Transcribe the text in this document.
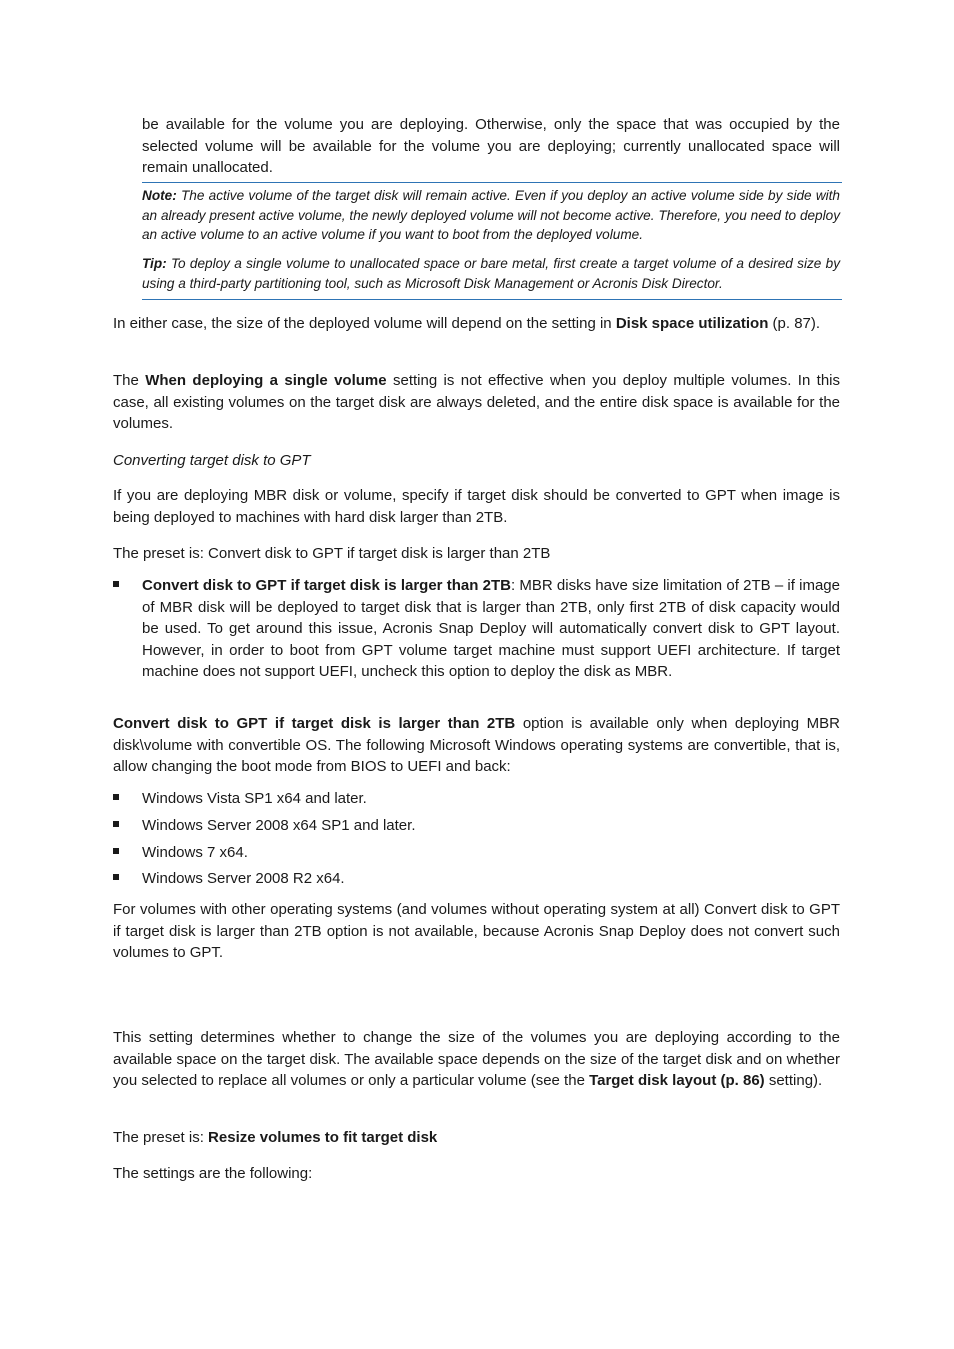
be available for the volume you are deploying. Otherwise, only the space that was occupied by the selected volume will be available for the volume you are deploying; currently unallocated space will remain unallocated.

Note: The active volume of the target disk will remain active. Even if you deploy an active volume side by side with an already present active volume, the newly deployed volume will not become active. Therefore, you need to deploy an active volume to an active volume if you want to boot from the deployed volume.

Tip: To deploy a single volume to unallocated space or bare metal, first create a target volume of a desired size by using a third-party partitioning tool, such as Microsoft Disk Management or Acronis Disk Director.

In either case, the size of the deployed volume will depend on the setting in Disk space utilization (p. 87).

The When deploying a single volume setting is not effective when you deploy multiple volumes. In this case, all existing volumes on the target disk are always deleted, and the entire disk space is available for the volumes.

Converting target disk to GPT

If you are deploying MBR disk or volume, specify if target disk should be converted to GPT when image is being deployed to machines with hard disk larger than 2TB.

The preset is: Convert disk to GPT if target disk is larger than 2TB

Convert disk to GPT if target disk is larger than 2TB: MBR disks have size limitation of 2TB – if image of MBR disk will be deployed to target disk that is larger than 2TB, only first 2TB of disk capacity would be used. To get around this issue, Acronis Snap Deploy will automatically convert disk to GPT layout. However, in order to boot from GPT volume target machine must support UEFI architecture. If target machine does not support UEFI, uncheck this option to deploy the disk as MBR.

Convert disk to GPT if target disk is larger than 2TB option is available only when deploying MBR disk\volume with convertible OS. The following Microsoft Windows operating systems are convertible, that is, allow changing the boot mode from BIOS to UEFI and back:

Windows Vista SP1 x64 and later.

Windows Server 2008 x64 SP1 and later.

Windows 7 x64.

Windows Server 2008 R2 x64.

For volumes with other operating systems (and volumes without operating system at all) Convert disk to GPT if target disk is larger than 2TB option is not available, because Acronis Snap Deploy does not convert such volumes to GPT.

This setting determines whether to change the size of the volumes you are deploying according to the available space on the target disk. The available space depends on the size of the target disk and on whether you selected to replace all volumes or only a particular volume (see the Target disk layout (p. 86) setting).

The preset is: Resize volumes to fit target disk

The settings are the following:
